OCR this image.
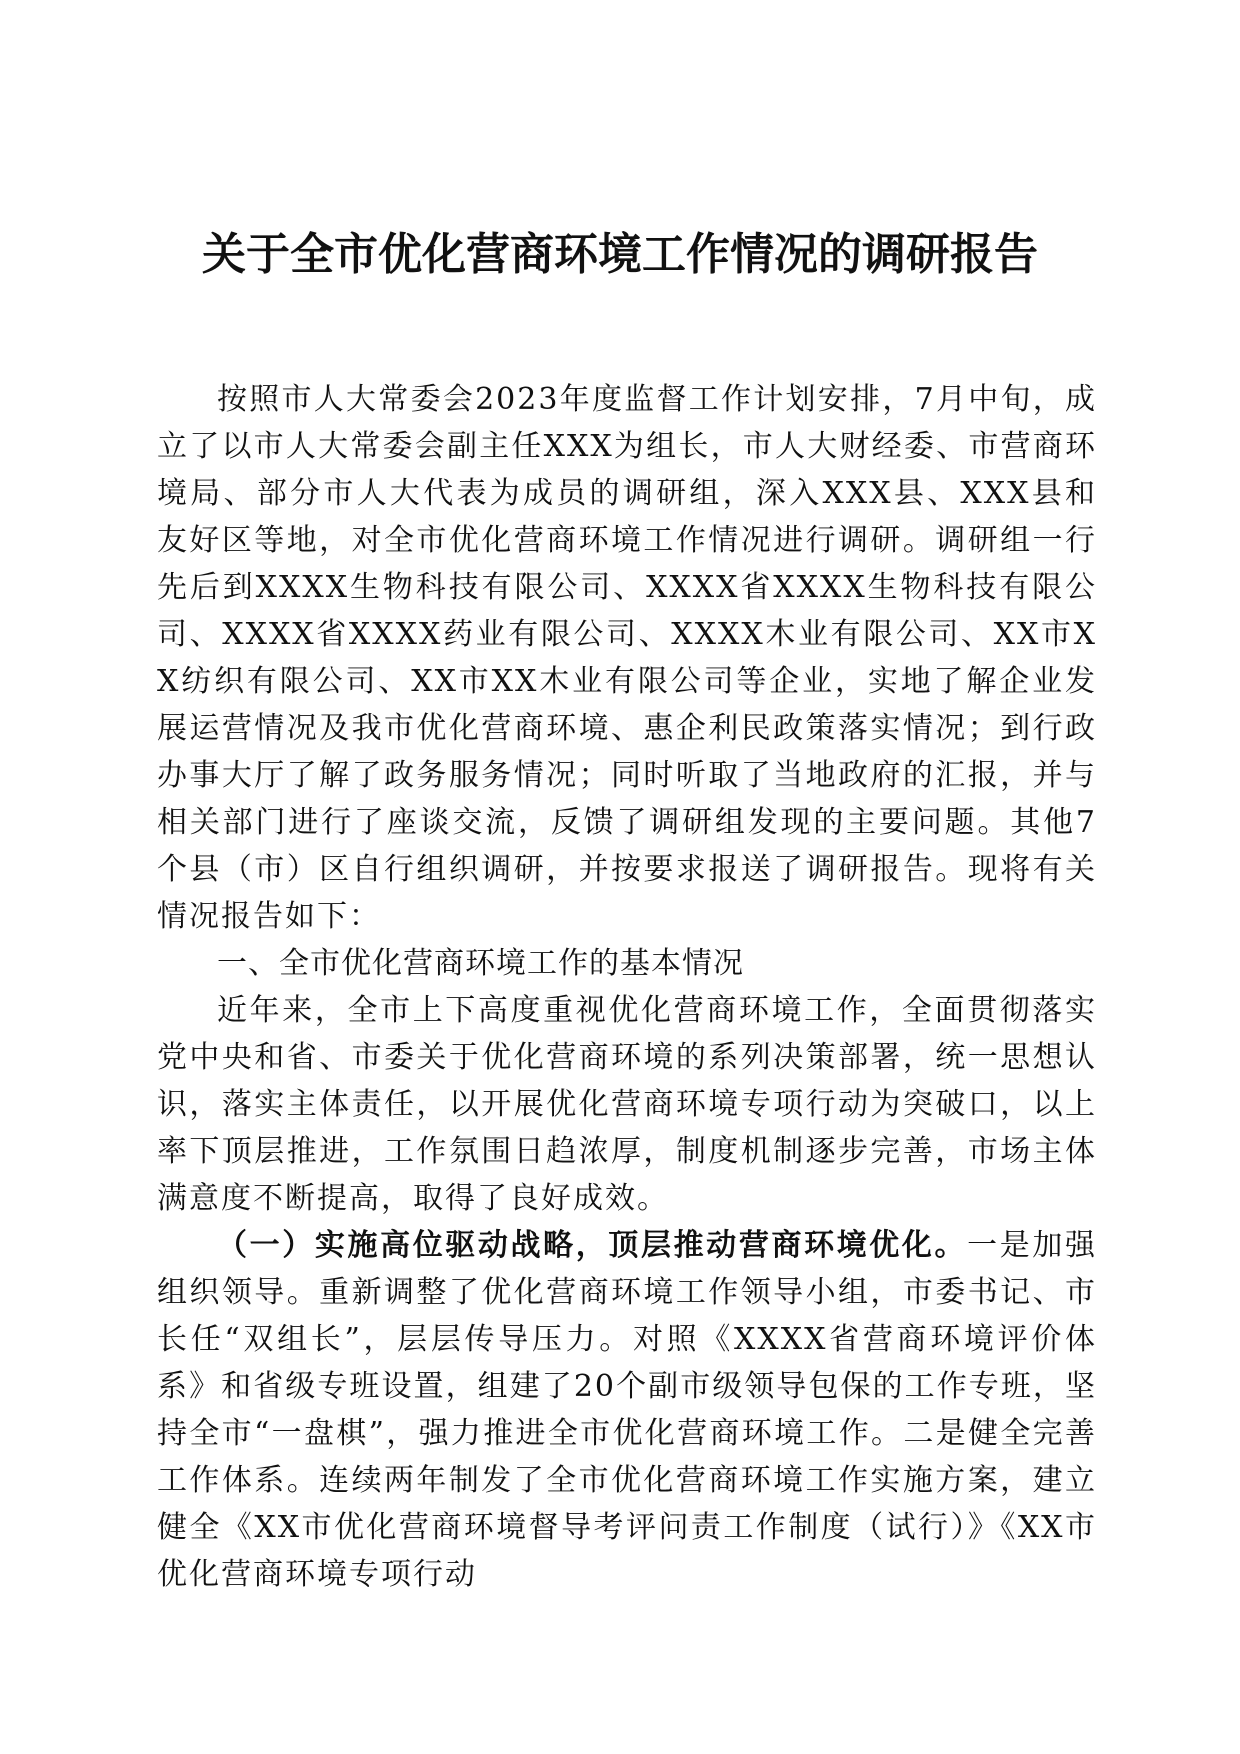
关于全市优化营商环境工作情况的调研报告

按照市人大常委会2023年度监督工作计划安排，7月中旬，成立了以市人大常委会副主任XXX为组长，市人大财经委、市营商环境局、部分市人大代表为成员的调研组，深入XXX县、XXX县和友好区等地，对全市优化营商环境工作情况进行调研。调研组一行先后到XXXX生物科技有限公司、XXXX省XXXX生物科技有限公司、XXXX省XXXX药业有限公司、XXXX木业有限公司、XX市XX纺织有限公司、XX市XX木业有限公司等企业，实地了解企业发展运营情况及我市优化营商环境、惠企利民政策落实情况；到行政办事大厅了解了政务服务情况；同时听取了当地政府的汇报，并与相关部门进行了座谈交流，反馈了调研组发现的主要问题。其他7个县（市）区自行组织调研，并按要求报送了调研报告。现将有关情况报告如下：

一、全市优化营商环境工作的基本情况

近年来，全市上下高度重视优化营商环境工作，全面贯彻落实党中央和省、市委关于优化营商环境的系列决策部署，统一思想认识，落实主体责任，以开展优化营商环境专项行动为突破口，以上率下顶层推进，工作氛围日趋浓厚，制度机制逐步完善，市场主体满意度不断提高，取得了良好成效。

（一）实施高位驱动战略，顶层推动营商环境优化。一是加强组织领导。重新调整了优化营商环境工作领导小组，市委书记、市长任“双组长”，层层传导压力。对照《XXXX省营商环境评价体系》和省级专班设置，组建了20个副市级领导包保的工作专班，坚持全市“一盘棋”，强力推进全市优化营商环境工作。二是健全完善工作体系。连续两年制发了全市优化营商环境工作实施方案，建立健全《XX市优化营商环境督导考评问责工作制度（试行）》《XX市优化营商环境专项行动
